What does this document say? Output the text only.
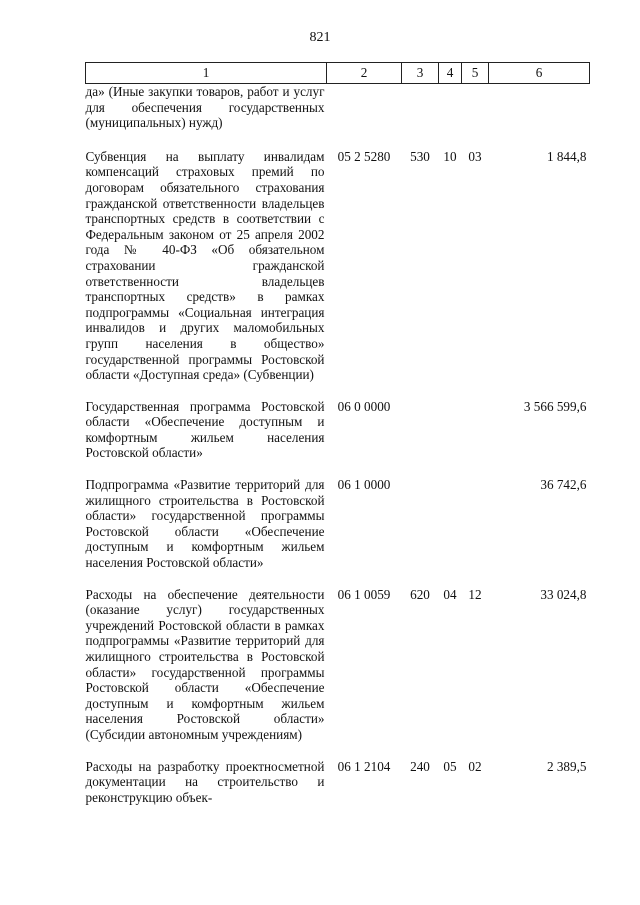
821
1	2	3	4	5	6
да» (Иные закупки товаров, работ и услуг для обеспечения государственных (муниципальных) нужд)					
Субвенция на выплату инвалидам компенсаций страховых премий по договорам обязательного страхования гражданской ответственности владельцев транспортных средств в соответствии с Федеральным законом от 25 апреля 2002 года № 40-ФЗ «Об обязательном страховании гражданской ответственности владельцев транспортных средств» в рамках подпрограммы «Социальная интеграция инвалидов и других маломобильных групп населения в общество» государственной программы Ростовской области «Доступная среда» (Субвенции)	05 2 5280	530	10	03	1 844,8
Государственная программа Ростовской области «Обеспечение доступным и комфортным жильем населения Ростовской области»	06 0 0000				3 566 599,6
Подпрограмма «Развитие территорий для жилищного строительства в Ростовской области» государственной программы Ростовской области «Обеспечение доступным и комфортным жильем населения Ростовской области»	06 1 0000				36 742,6
Расходы на обеспечение деятельности (оказание услуг) государственных учреждений Ростовской области в рамках подпрограммы «Развитие территорий для жилищного строительства в Ростовской области» государственной программы Ростовской области «Обеспечение доступным и комфортным жильем населения Ростовской области» (Субсидии автономным учреждениям)	06 1 0059	620	04	12	33 024,8
Расходы на разработку проектносметной документации на строительство и реконструкцию объек-	06 1 2104	240	05	02	2 389,5
